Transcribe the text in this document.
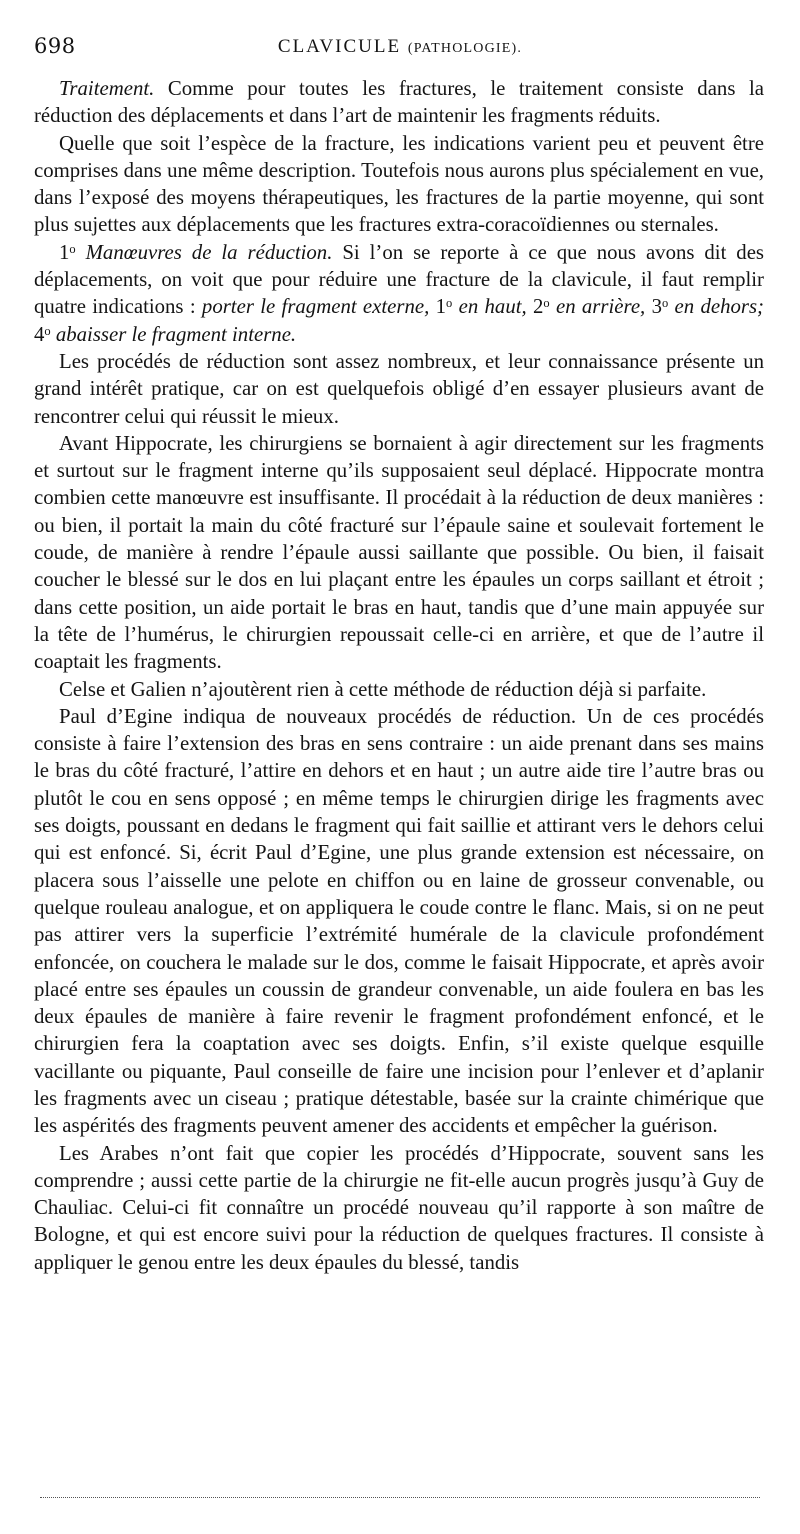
698	CLAVICULE (PATHOLOGIE).

Traitement. Comme pour toutes les fractures, le traitement consiste dans la réduction des déplacements et dans l’art de maintenir les fragments réduits.

Quelle que soit l’espèce de la fracture, les indications varient peu et peuvent être comprises dans une même description. Toutefois nous aurons plus spécialement en vue, dans l’exposé des moyens thérapeutiques, les fractures de la partie moyenne, qui sont plus sujettes aux déplacements que les fractures extra-coracoïdiennes ou sternales.

1$^o$ Manœuvres de la réduction. Si l’on se reporte à ce que nous avons dit des déplacements, on voit que pour réduire une fracture de la clavicule, il faut remplir quatre indications : porter le fragment externe, 1$^o$ en haut, 2$^o$ en arrière, 3$^o$ en dehors; 4$^o$ abaisser le fragment interne.

Les procédés de réduction sont assez nombreux, et leur connaissance présente un grand intérêt pratique, car on est quelquefois obligé d’en essayer plusieurs avant de rencontrer celui qui réussit le mieux.

Avant Hippocrate, les chirurgiens se bornaient à agir directement sur les fragments et surtout sur le fragment interne qu’ils supposaient seul déplacé. Hippocrate montra combien cette manœuvre est insuffisante. Il procédait à la réduction de deux manières : ou bien, il portait la main du côté fracturé sur l’épaule saine et soulevait fortement le coude, de manière à rendre l’épaule aussi saillante que possible. Ou bien, il faisait coucher le blessé sur le dos en lui plaçant entre les épaules un corps saillant et étroit ; dans cette position, un aide portait le bras en haut, tandis que d’une main appuyée sur la tête de l’humérus, le chirurgien repoussait celle-ci en arrière, et que de l’autre il coaptait les fragments.

Celse et Galien n’ajoutèrent rien à cette méthode de réduction déjà si parfaite.

Paul d’Egine indiqua de nouveaux procédés de réduction. Un de ces procédés consiste à faire l’extension des bras en sens contraire : un aide prenant dans ses mains le bras du côté fracturé, l’attire en dehors et en haut ; un autre aide tire l’autre bras ou plutôt le cou en sens opposé ; en même temps le chirurgien dirige les fragments avec ses doigts, poussant en dedans le fragment qui fait saillie et attirant vers le dehors celui qui est enfoncé. Si, écrit Paul d’Egine, une plus grande extension est nécessaire, on placera sous l’aisselle une pelote en chiffon ou en laine de grosseur convenable, ou quelque rouleau analogue, et on appliquera le coude contre le flanc. Mais, si on ne peut pas attirer vers la superficie l’extrémité humérale de la clavicule profondément enfoncée, on couchera le malade sur le dos, comme le faisait Hippocrate, et après avoir placé entre ses épaules un coussin de grandeur convenable, un aide foulera en bas les deux épaules de manière à faire revenir le fragment profondément enfoncé, et le chirurgien fera la coaptation avec ses doigts. Enfin, s’il existe quelque esquille vacillante ou piquante, Paul conseille de faire une incision pour l’enlever et d’aplanir les fragments avec un ciseau ; pratique détestable, basée sur la crainte chimérique que les aspérités des fragments peuvent amener des accidents et empêcher la guérison.

Les Arabes n’ont fait que copier les procédés d’Hippocrate, souvent sans les comprendre ; aussi cette partie de la chirurgie ne fit-elle aucun progrès jusqu’à Guy de Chauliac. Celui-ci fit connaître un procédé nouveau qu’il rapporte à son maître de Bologne, et qui est encore suivi pour la réduction de quelques fractures. Il consiste à appliquer le genou entre les deux épaules du blessé, tandis
